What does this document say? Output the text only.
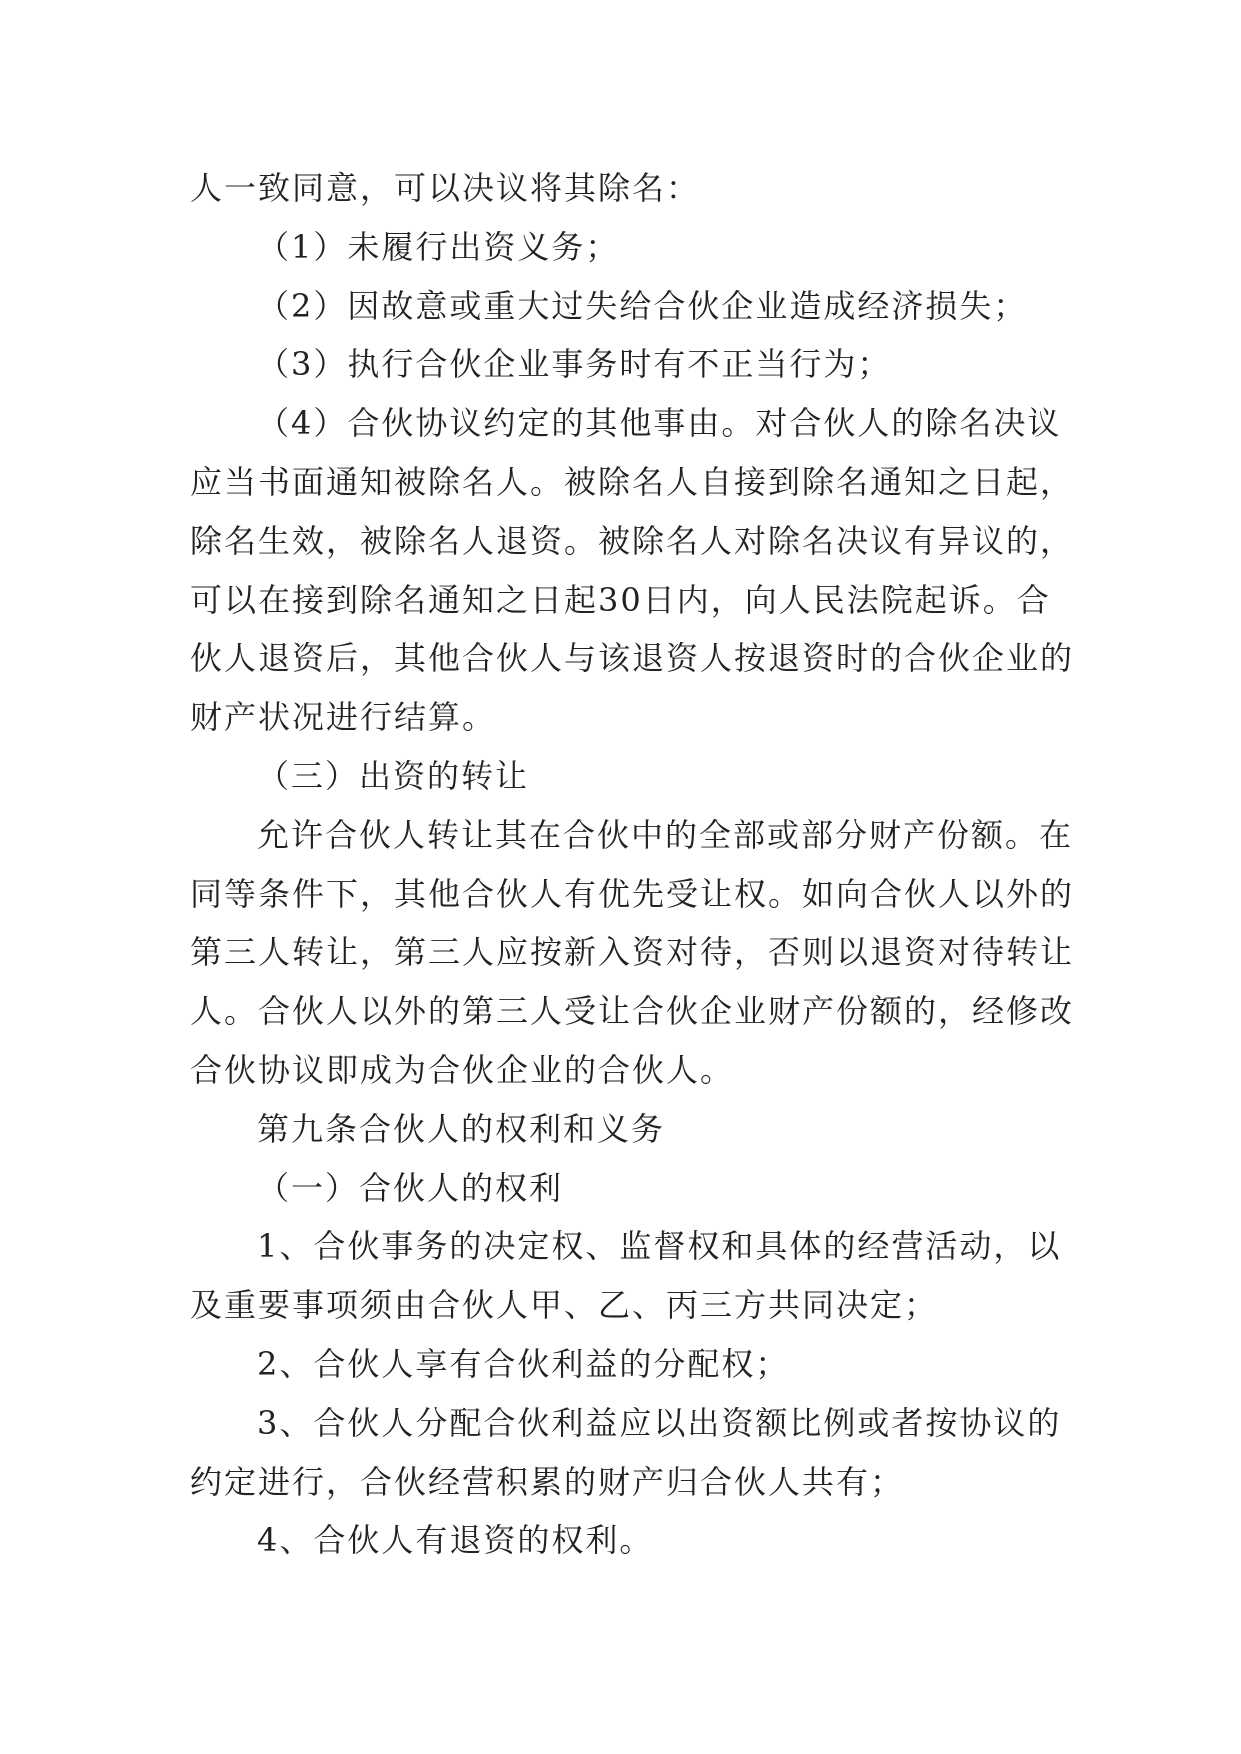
人一致同意，可以决议将其除名：
（1）未履行出资义务；
（2）因故意或重大过失给合伙企业造成经济损失；
（3）执行合伙企业事务时有不正当行为；
（4）合伙协议约定的其他事由。对合伙人的除名决议
应当书面通知被除名人。被除名人自接到除名通知之日起，
除名生效，被除名人退资。被除名人对除名决议有异议的，
可以在接到除名通知之日起30日内，向人民法院起诉。合
伙人退资后，其他合伙人与该退资人按退资时的合伙企业的
财产状况进行结算。
（三）出资的转让
允许合伙人转让其在合伙中的全部或部分财产份额。在
同等条件下，其他合伙人有优先受让权。如向合伙人以外的
第三人转让，第三人应按新入资对待，否则以退资对待转让
人。合伙人以外的第三人受让合伙企业财产份额的，经修改
合伙协议即成为合伙企业的合伙人。
第九条合伙人的权利和义务
（一）合伙人的权利
1、合伙事务的决定权、监督权和具体的经营活动，以
及重要事项须由合伙人甲、乙、丙三方共同决定；
2、合伙人享有合伙利益的分配权；
3、合伙人分配合伙利益应以出资额比例或者按协议的
约定进行，合伙经营积累的财产归合伙人共有；
4、合伙人有退资的权利。
